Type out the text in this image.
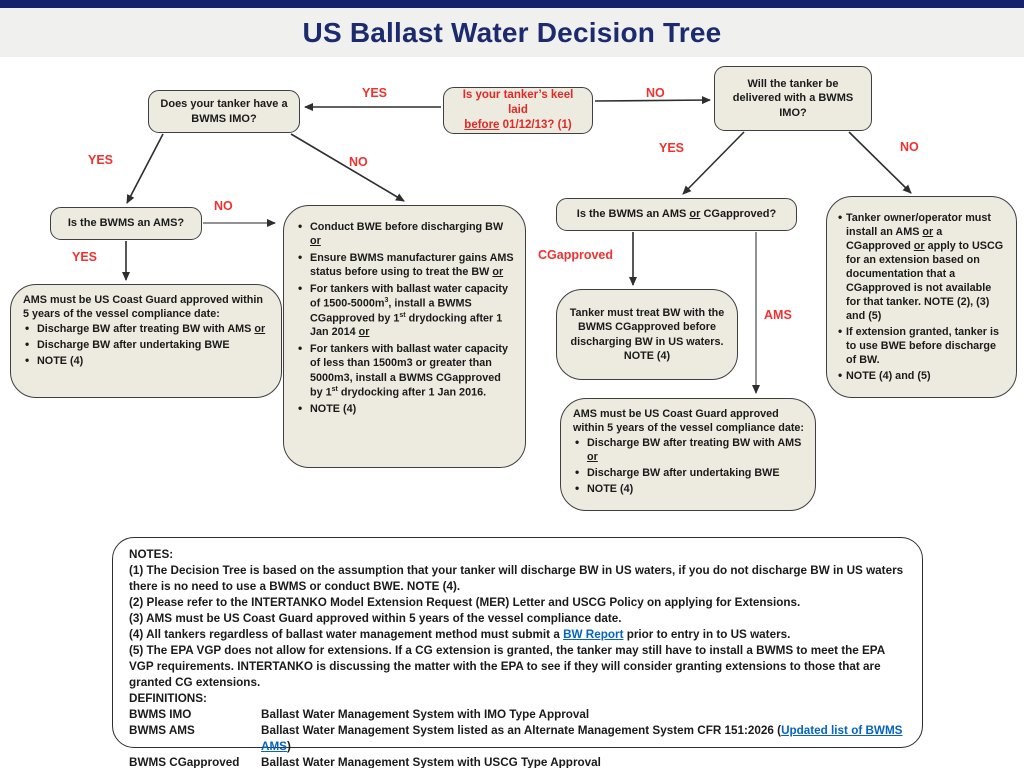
US Ballast Water Decision Tree
YES	NO
YES	NO
NO
YES
YES	NO
CGapproved
AMS
Does your tanker have a BWMS IMO?
Is your tanker’s keel laid
before 01/12/13? (1)
Will the tanker be delivered with a BWMS IMO?
Is the BWMS an AMS?

AMS must be US Coast Guard approved within 5 years of the vessel compliance date:

• Discharge BW after treating BW with AMS or
• Discharge BW after undertaking BWE
• NOTE (4)
• Conduct BWE before discharging BW
or
• Ensure BWMS manufacturer gains AMS status before using to treat the BW or
• For tankers with ballast water capacity of $1500-5000m^3$, install a BWMS CGapproved by 1st drydocking after 1 Jan 2014 or
• For tankers with ballast water capacity of less than 1500m3 or greater than 5000m3, install a BWMS CGapproved by 1st drydocking after 1 Jan 2016.
• NOTE (4)
Is the BWMS an AMS or CGapproved?
Tanker must treat BW with the BWMS CGapproved before discharging BW in US waters. NOTE (4)

AMS must be US Coast Guard approved within 5 years of the vessel compliance date:

• Discharge BW after treating BW with AMS or
• Discharge BW after undertaking BWE
• NOTE (4)
• Tanker owner/operator must install an AMS or a CGapproved or apply to USCG for an extension based on documentation that a CGapproved is not available for that tanker. NOTE (2), (3) and (5)
• If extension granted, tanker is to use BWE before discharge of BW.
• NOTE (4) and (5)
NOTES:
(1) The Decision Tree is based on the assumption that your tanker will discharge BW in US waters, if you do not discharge BW in US waters there is no need to use a BWMS or conduct BWE. NOTE (4).
(2) Please refer to the INTERTANKO Model Extension Request (MER) Letter and USCG Policy on applying for Extensions.
(3) AMS must be US Coast Guard approved within 5 years of the vessel compliance date.
(4) All tankers regardless of ballast water management method must submit a BW Report prior to entry in to US waters.
(5) The EPA VGP does not allow for extensions. If a CG extension is granted, the tanker may still have to install a BWMS to meet the EPA VGP requirements. INTERTANKO is discussing the matter with the EPA to see if they will consider granting extensions to those that are granted CG extensions.
DEFINITIONS:
BWMS IMO	Ballast Water Management System with IMO Type Approval
BWMS AMS	Ballast Water Management System listed as an Alternate Management System CFR 151:2026 (Updated list of BWMS AMS)
BWMS CGapproved	Ballast Water Management System with USCG Type Approval
